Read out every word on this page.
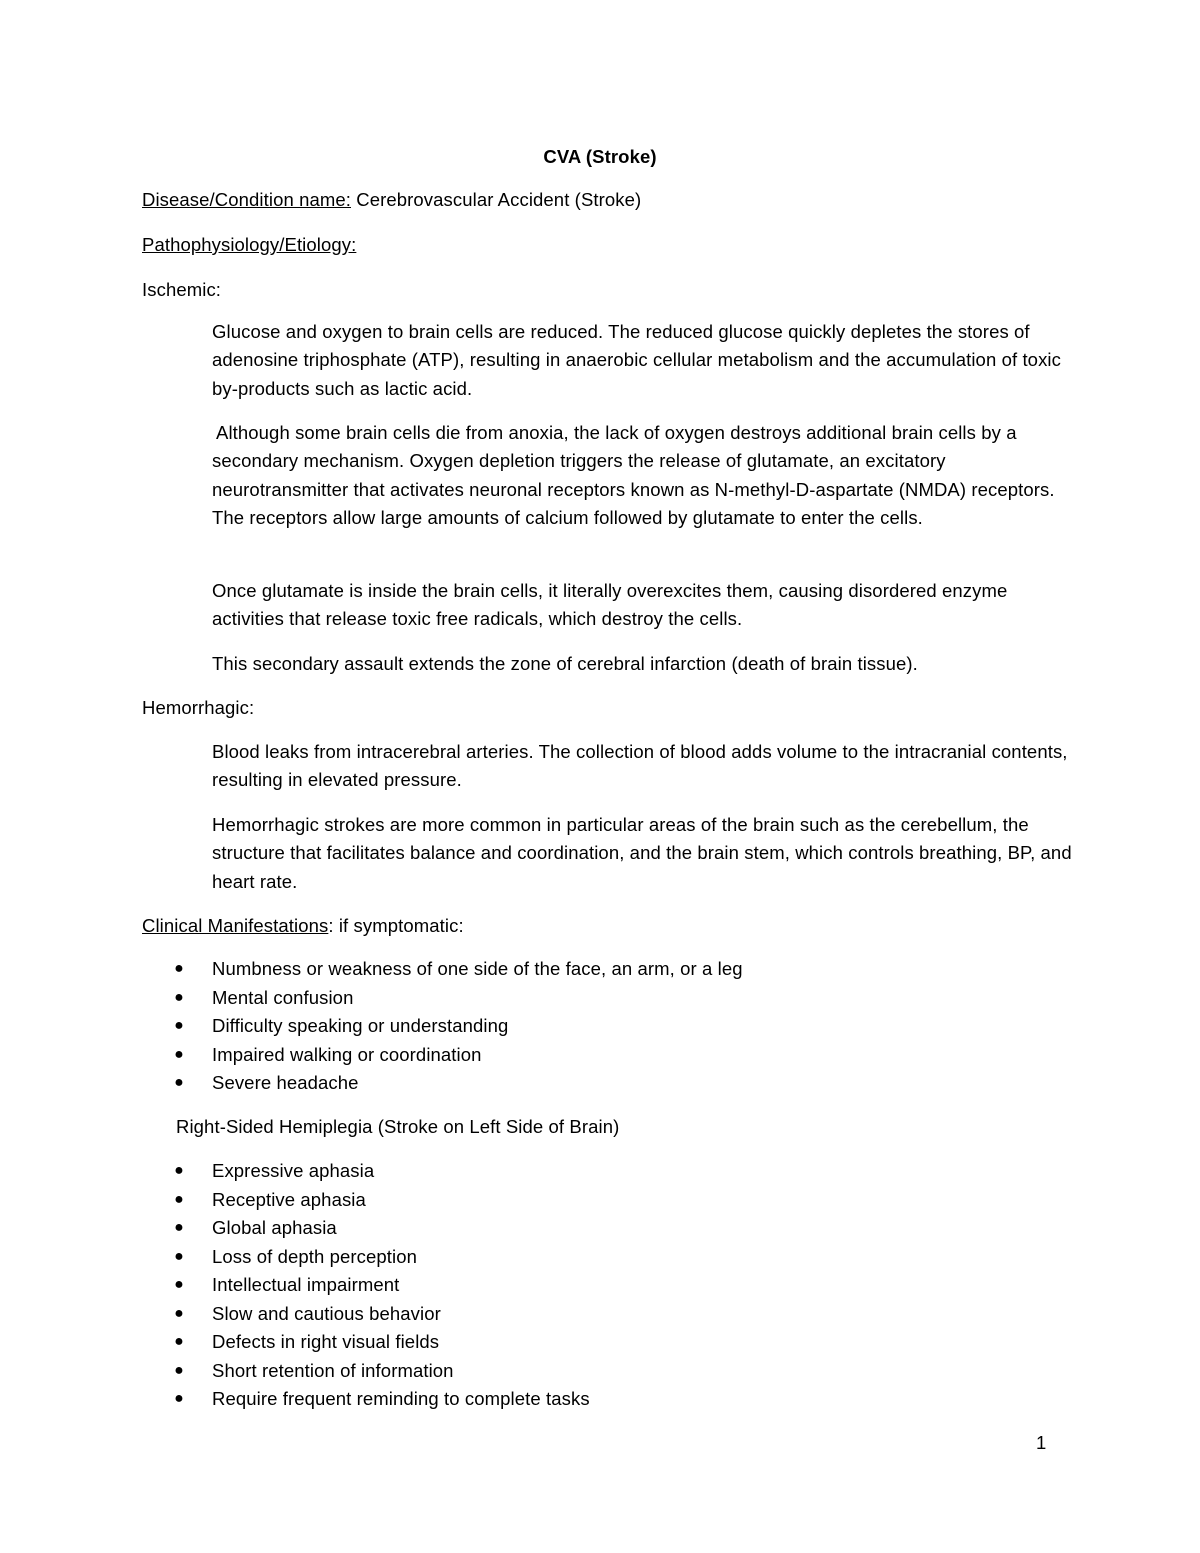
CVA (Stroke)
Disease/Condition name: Cerebrovascular Accident (Stroke)
Pathophysiology/Etiology:
Ischemic:
Glucose and oxygen to brain cells are reduced. The reduced glucose quickly depletes the stores of adenosine triphosphate (ATP), resulting in anaerobic cellular metabolism and the accumulation of toxic by-products such as lactic acid.
Although some brain cells die from anoxia, the lack of oxygen destroys additional brain cells by a secondary mechanism. Oxygen depletion triggers the release of glutamate, an excitatory neurotransmitter that activates neuronal receptors known as N-methyl-D-aspartate (NMDA) receptors. The receptors allow large amounts of calcium followed by glutamate to enter the cells.
Once glutamate is inside the brain cells, it literally overexcites them, causing disordered enzyme activities that release toxic free radicals, which destroy the cells.
This secondary assault extends the zone of cerebral infarction (death of brain tissue).
Hemorrhagic:
Blood leaks from intracerebral arteries. The collection of blood adds volume to the intracranial contents, resulting in elevated pressure.
Hemorrhagic strokes are more common in particular areas of the brain such as the cerebellum, the structure that facilitates balance and coordination, and the brain stem, which controls breathing, BP, and heart rate.
Clinical Manifestations: if symptomatic:
● Numbness or weakness of one side of the face, an arm, or a leg
● Mental confusion
● Difficulty speaking or understanding
● Impaired walking or coordination
● Severe headache
Right-Sided Hemiplegia (Stroke on Left Side of Brain)
● Expressive aphasia
● Receptive aphasia
● Global aphasia
● Loss of depth perception
● Intellectual impairment
● Slow and cautious behavior
● Defects in right visual fields
● Short retention of information
● Require frequent reminding to complete tasks
1
